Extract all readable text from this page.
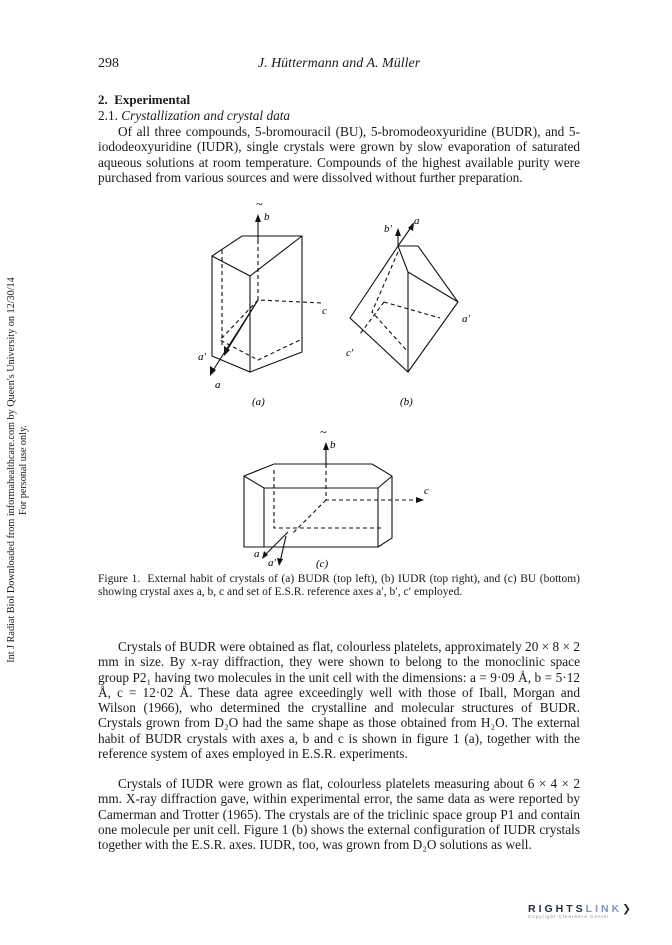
298	J. Hüttermann and A. Müller
Int J Radiat Biol Downloaded from informahealthcare.com by Queen's University on 12/30/14 For personal use only.
2. Experimental
2.1. Crystallization and crystal data
Of all three compounds, 5-bromouracil (BU), 5-bromodeoxyuridine (BUDR), and 5-iododeoxyuridine (IUDR), single crystals were grown by slow evaporation of saturated aqueous solutions at room temperature. Compounds of the highest available purity were purchased from various sources and were dissolved without further preparation.
~
b
c
a'
a
(a)
b'
a
a'
c'
(b)
~
b
c
a
a'	(c)
Figure 1. External habit of crystals of (a) BUDR (top left), (b) IUDR (top right), and (c) BU (bottom) showing crystal axes a, b, c and set of E.S.R. reference axes a′, b′, c′ employed.
Crystals of BUDR were obtained as flat, colourless platelets, approximately 20 × 8 × 2 mm in size. By x-ray diffraction, they were shown to belong to the monoclinic space group P2₁ having two molecules in the unit cell with the dimensions: a = 9·09 Å, b = 5·12 Å, c = 12·02 Å. These data agree exceedingly well with those of Iball, Morgan and Wilson (1966), who determined the crystalline and molecular structures of BUDR. Crystals grown from D₂O had the same shape as those obtained from H₂O. The external habit of BUDR crystals with axes a, b and c is shown in figure 1 (a), together with the reference system of axes employed in E.S.R. experiments.
Crystals of IUDR were grown as flat, colourless platelets measuring about 6 × 4 × 2 mm. X-ray diffraction gave, within experimental error, the same data as were reported by Camerman and Trotter (1965). The crystals are of the triclinic space group P1 and contain one molecule per unit cell. Figure 1 (b) shows the external configuration of IUDR crystals together with the E.S.R. axes. IUDR, too, was grown from D₂O solutions as well.
RIGHTSLINK❯
Copyright Clearance Center
